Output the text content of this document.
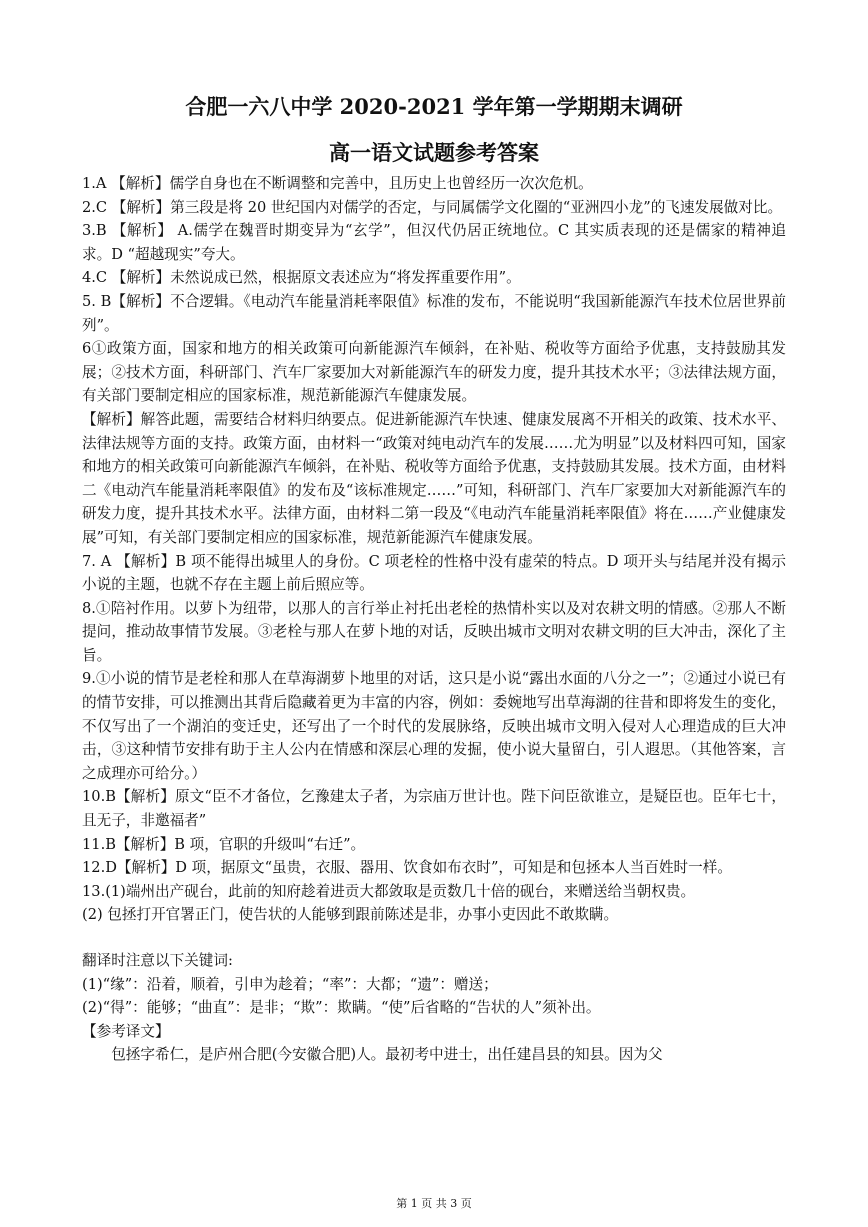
合肥一六八中学 2020-2021 学年第一学期期末调研
高一语文试题参考答案

1.A 【解析】儒学自身也在不断调整和完善中，且历史上也曾经历一次次危机。

2.C 【解析】第三段是将 20 世纪国内对儒学的否定，与同属儒学文化圈的“亚洲四小龙”的飞速发展做对比。

3.B 【解析】 A.儒学在魏晋时期变异为“玄学”，但汉代仍居正统地位。C 其实质表现的还是儒家的精神追求。D “超越现实”夸大。

4.C 【解析】未然说成已然，根据原文表述应为“将发挥重要作用”。

5. B【解析】不合逻辑。《电动汽车能量消耗率限值》标准的发布，不能说明“我国新能源汽车技术位居世界前列”。

6①政策方面，国家和地方的相关政策可向新能源汽车倾斜，在补贴、税收等方面给予优惠，支持鼓励其发展；②技术方面，科研部门、汽车厂家要加大对新能源汽车的研发力度，提升其技术水平；③法律法规方面，有关部门要制定相应的国家标准，规范新能源汽车健康发展。

【解析】解答此题，需要结合材料归纳要点。促进新能源汽车快速、健康发展离不开相关的政策、技术水平、法律法规等方面的支持。政策方面，由材料一“政策对纯电动汽车的发展……尤为明显”以及材料四可知，国家和地方的相关政策可向新能源汽车倾斜，在补贴、税收等方面给予优惠，支持鼓励其发展。技术方面，由材料二《电动汽车能量消耗率限值》的发布及“该标准规定……”可知，科研部门、汽车厂家要加大对新能源汽车的研发力度，提升其技术水平。法律方面，由材料二第一段及“《电动汽车能量消耗率限值》将在……产业健康发展”可知，有关部门要制定相应的国家标准，规范新能源汽车健康发展。

7. A 【解析】B 项不能得出城里人的身份。C 项老栓的性格中没有虚荣的特点。D 项开头与结尾并没有揭示小说的主题，也就不存在主题上前后照应等。

8.①陪衬作用。以萝卜为纽带，以那人的言行举止衬托出老栓的热情朴实以及对农耕文明的情感。②那人不断提问，推动故事情节发展。③老栓与那人在萝卜地的对话，反映出城市文明对农耕文明的巨大冲击，深化了主旨。

9.①小说的情节是老栓和那人在草海湖萝卜地里的对话，这只是小说“露出水面的八分之一”；②通过小说已有的情节安排，可以推测出其背后隐藏着更为丰富的内容，例如：委婉地写出草海湖的往昔和即将发生的变化，不仅写出了一个湖泊的变迁史，还写出了一个时代的发展脉络，反映出城市文明入侵对人心理造成的巨大冲击，③这种情节安排有助于主人公内在情感和深层心理的发掘，使小说大量留白，引人遐思。（其他答案，言之成理亦可给分。）

10.B【解析】原文“臣不才备位，乞豫建太子者，为宗庙万世计也。陛下问臣欲谁立，是疑臣也。臣年七十，且无子，非邀福者”

11.B【解析】B 项，官职的升级叫“右迁”。

12.D【解析】D 项，据原文“虽贵，衣服、器用、饮食如布衣时”，可知是和包拯本人当百姓时一样。

13.(1)端州出产砚台，此前的知府趁着进贡大都敛取是贡数几十倍的砚台，来赠送给当朝权贵。

(2) 包拯打开官署正门，使告状的人能够到跟前陈述是非，办事小吏因此不敢欺瞒。

翻译时注意以下关键词:

(1)“缘”：沿着，顺着，引申为趁着；“率”：大都；“遗”：赠送；

(2)“得”：能够；“曲直”：是非；“欺”：欺瞒。“使”后省略的“告状的人”须补出。

【参考译文】

包拯字希仁，是庐州合肥(今安徽合肥)人。最初考中进士，出任建昌县的知县。因为父

第 1 页 共 3 页
